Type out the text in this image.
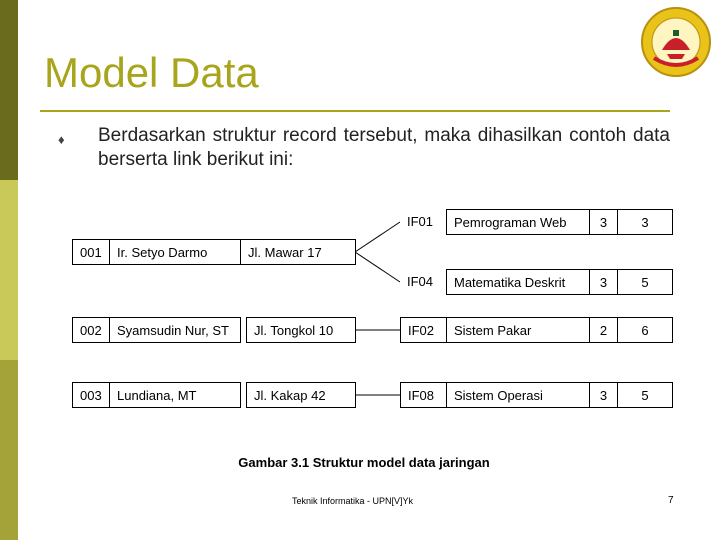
Model Data
♦ Berdasarkan struktur record tersebut, maka dihasilkan contoh data berserta link berikut ini:

001	Ir. Setyo Darmo	Jl. Mawar 17
002	Syamsudin Nur, ST	Jl. Tongkol 10
003	Lundiana, MT	Jl. Kakap 42
IF01	Pemrograman Web	3	3
IF04	Matematika Deskrit	3	5
IF02	Sistem Pakar	2	6
IF08	Sistem Operasi	3	5
Gambar 3.1 Struktur model data jaringan
Teknik Informatika - UPN[V]Yk	7
